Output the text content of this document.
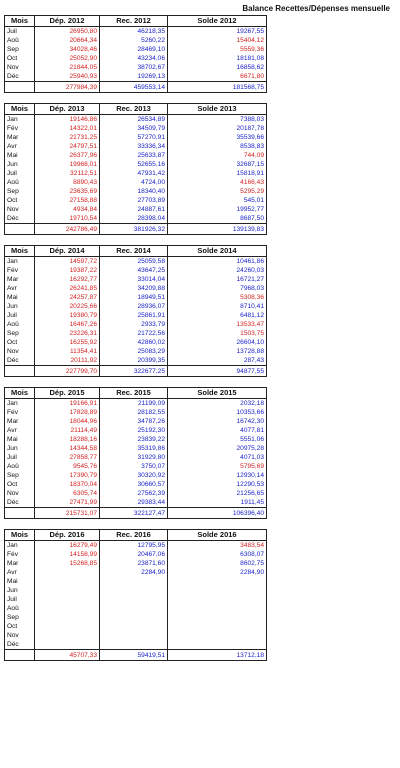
Balance Recettes/Dépenses mensuelle
Mois	Dép. 2012	Rec. 2012	Solde 2012
Juil	26950,80	46218,35	19267,55
Aoû	20664,34	5260,22	15404,12
Sep	34028,46	28469,10	5559,36
Oct	25052,90	43234,06	18181,08
Nov	21844,05	38702,67	16858,62
Déc	25940,93	19269,13	6671,80
	277984,39	459553,14	181568,75
Mois	Dép. 2013	Rec. 2013	Solde 2013
Jan	19146,86	26534,89	7388,03
Fév	14322,01	34509,79	20187,78
Mar	21731,25	57270,91	35539,66
Avr	24797,51	33336,34	8538,83
Mai	26377,96	25633,87	744,09
Jun	19968,01	52655,16	32687,15
Juil	32112,51	47931,42	15818,91
Aoû	8890,43	4724,00	4166,43
Sep	23635,69	18340,40	5295,29
Oct	27158,88	27703,89	545,01
Nov	4934,84	24887,61	19952,77
Déc	19710,54	28398,04	8687,50
	242786,49	381926,32	139139,83
Mois	Dép. 2014	Rec. 2014	Solde 2014
Jan	14597,72	25059,58	10461,86
Fév	19387,22	43647,25	24260,03
Mar	16292,77	33014,04	16721,27
Avr	26241,85	34209,88	7968,03
Mai	24257,87	18949,51	5308,36
Jun	20225,66	28936,07	8710,41
Juil	19380,79	25861,91	6481,12
Aoû	16467,26	2933,79	13533,47
Sep	23226,31	21722,56	1503,75
Oct	16255,92	42860,02	26604,10
Nov	11354,41	25083,29	13728,88
Déc	20111,92	20399,35	287,43
	227799,70	322677,25	94877,55
Mois	Dép. 2015	Rec. 2015	Solde 2015
Jan	19166,91	21199,09	2032,18
Fév	17828,89	28182,55	10353,66
Mar	18044,96	34787,26	16742,30
Avr	21114,49	25192,30	4077,81
Mai	18288,16	23839,22	5551,06
Jun	14344,58	35319,86	20975,28
Juil	27858,77	31929,80	4071,03
Aoû	9545,76	3750,07	5795,69
Sep	17390,79	30320,92	12930,14
Oct	18370,04	30660,57	12290,53
Nov	6305,74	27562,39	21256,65
Déc	27471,99	29383,44	1911,45
	215731,07	322127,47	106396,40
Mois	Dép. 2016	Rec. 2016	Solde 2016
Jan	16279,49	12795,95	3483,54
Fév	14158,99	20467,06	6308,07
Mar	15268,85	23871,60	8602,75
Avr		2284,90	2284,90
Mai			
Jun			
Juil			
Aoû			
Sep			
Oct			
Nov			
Déc			
	45707,33	59419,51	13712,18
